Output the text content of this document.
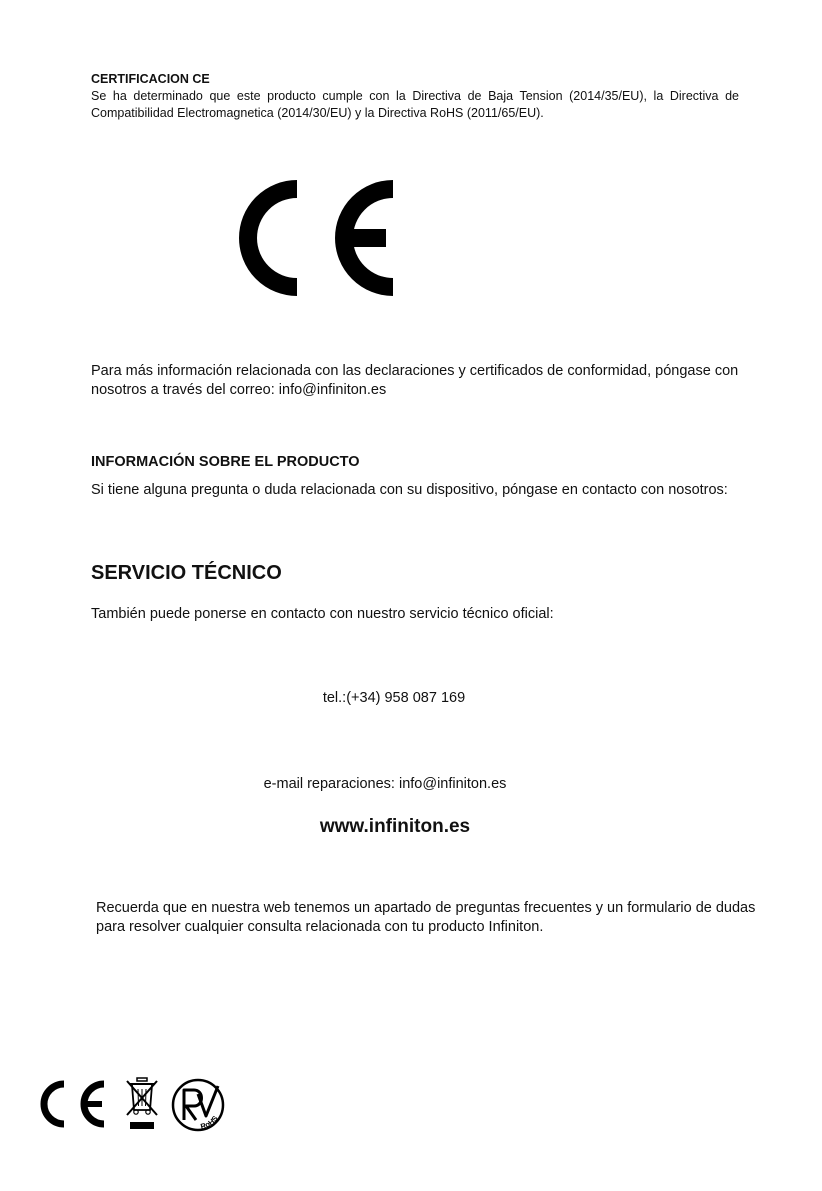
CERTIFICACION CE
Se ha determinado que este producto cumple con la Directiva de Baja Tension (2014/35/EU), la Directiva de Compatibilidad Electromagnetica (2014/30/EU) y la Directiva RoHS (2011/65/EU).
Para más información relacionada con las declaraciones y certificados de conformidad, póngase con nosotros a través del correo: info@infiniton.es
INFORMACIÓN SOBRE EL PRODUCTO
Si tiene alguna pregunta o duda relacionada con su dispositivo, póngase en contacto con nosotros:
SERVICIO TÉCNICO
También puede ponerse en contacto con nuestro servicio técnico oficial:
tel.:(+34) 958 087 169
e-mail reparaciones: info@infiniton.es
www.infiniton.es
Recuerda que en nuestra web tenemos un apartado de preguntas frecuentes y un formulario de dudas para resolver cualquier consulta relacionada con tu producto Infiniton.
RoHS
